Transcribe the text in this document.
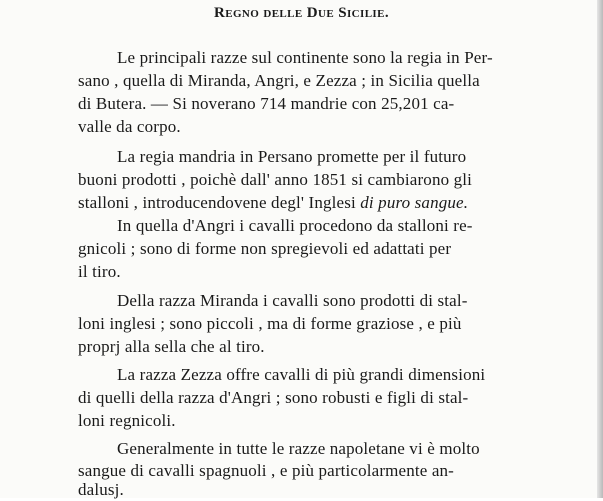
Regno delle Due Sicilie.
Le principali razze sul continente sono la regia in Per-
sano , quella di Miranda, Angri, e Zezza ; in Sicilia quella
di Butera. — Si noverano 714 mandrie con 25,201 ca-
valle da corpo.
La regia mandria in Persano promette per il futuro
buoni prodotti , poichè dall' anno 1851 si cambiarono gli
stalloni , introducendovene degl' Inglesi di puro sangue.
In quella d'Angri i cavalli procedono da stalloni re-
gnicoli ; sono di forme non spregievoli ed adattati per
il tiro.
Della razza Miranda i cavalli sono prodotti di stal-
loni inglesi ; sono piccoli , ma di forme graziose , e più
proprj alla sella che al tiro.
La razza Zezza offre cavalli di più grandi dimensioni
di quelli della razza d'Angri ; sono robusti e figli di stal-
loni regnicoli.
Generalmente in tutte le razze napoletane vi è molto
sangue di cavalli spagnuoli , e più particolarmente an-
dalusj.
